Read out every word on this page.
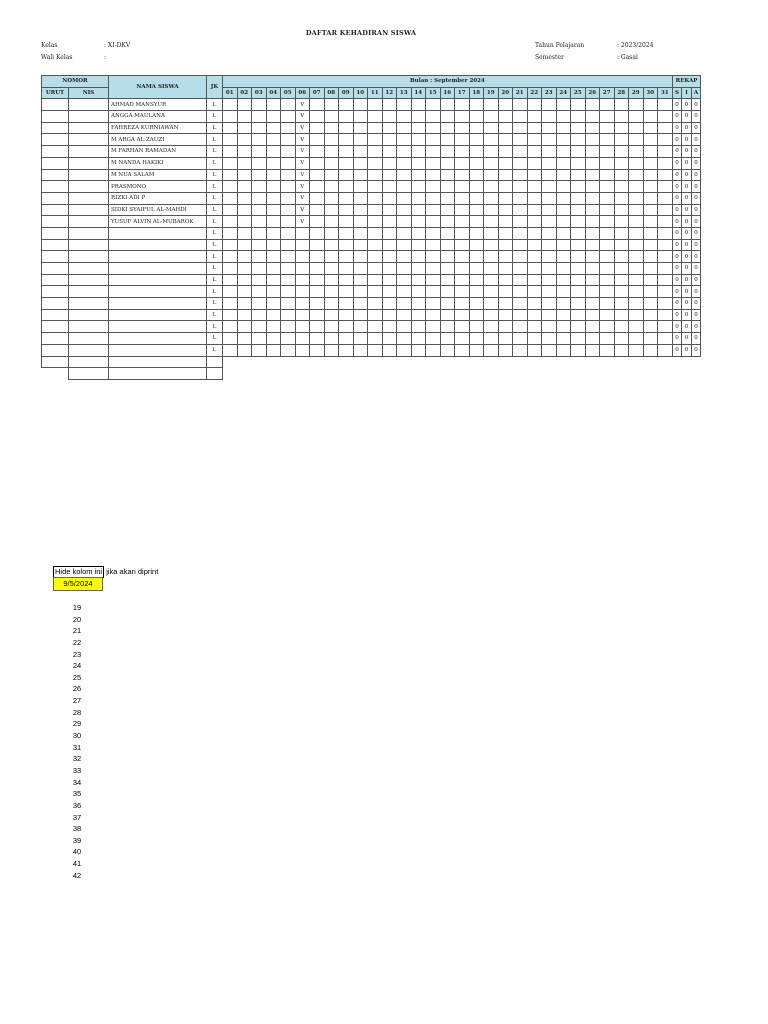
DAFTAR KEHADIRAN SISWA
Kelas	: XI-DKV
Wali Kelas	:
Tahun Pelajaran	: 2023/2024
Semester	: Gasal
NOMOR		NAMA SISWA	JK	Bulan : September 2024																															REKAP		
URUT	NIS			01	02	03	04	05	06	07	08	09	10	11	12	13	14	15	16	17	18	19	20	21	22	23	24	25	26	27	28	29	30	31	S	I	A
		AHMAD MANSYUR	L						V																										0	0	0
		ANGGA MAULANA	L						V																										0	0	0
		FAHREZA KURNIAWAN	L						V																										0	0	0
		M ARGA AL ZAUZI	L						V																										0	0	0
		M FARHAN RAMADAN	L						V																										0	0	0
		M NANDA HAKIKI	L						V																										0	0	0
		M NUA SALAM	L						V																										0	0	0
		PRASMONO	L						V																										0	0	0
		RIZKI ADI P	L						V																										0	0	0
		SIDKI SYAIFUL AL-MAHDI	L						V																										0	0	0
		YUSUF ALVIN AL-MUBAROK	L						V																										0	0	0
			L																																0	0	0
			L																																0	0	0
			L																																0	0	0
			L																																0	0	0
			L																																0	0	0
			L																																0	0	0
			L																																0	0	0
			L																																0	0	0
			L																																0	0	0
			L																																0	0	0
			L																																0	0	0

Hide kolom ini jika akan diprint
9/5/2024
19
20
21
22
23
24
25
26
27
28
29
30
31
32
33
34
35
36
37
38
39
40
41
42
